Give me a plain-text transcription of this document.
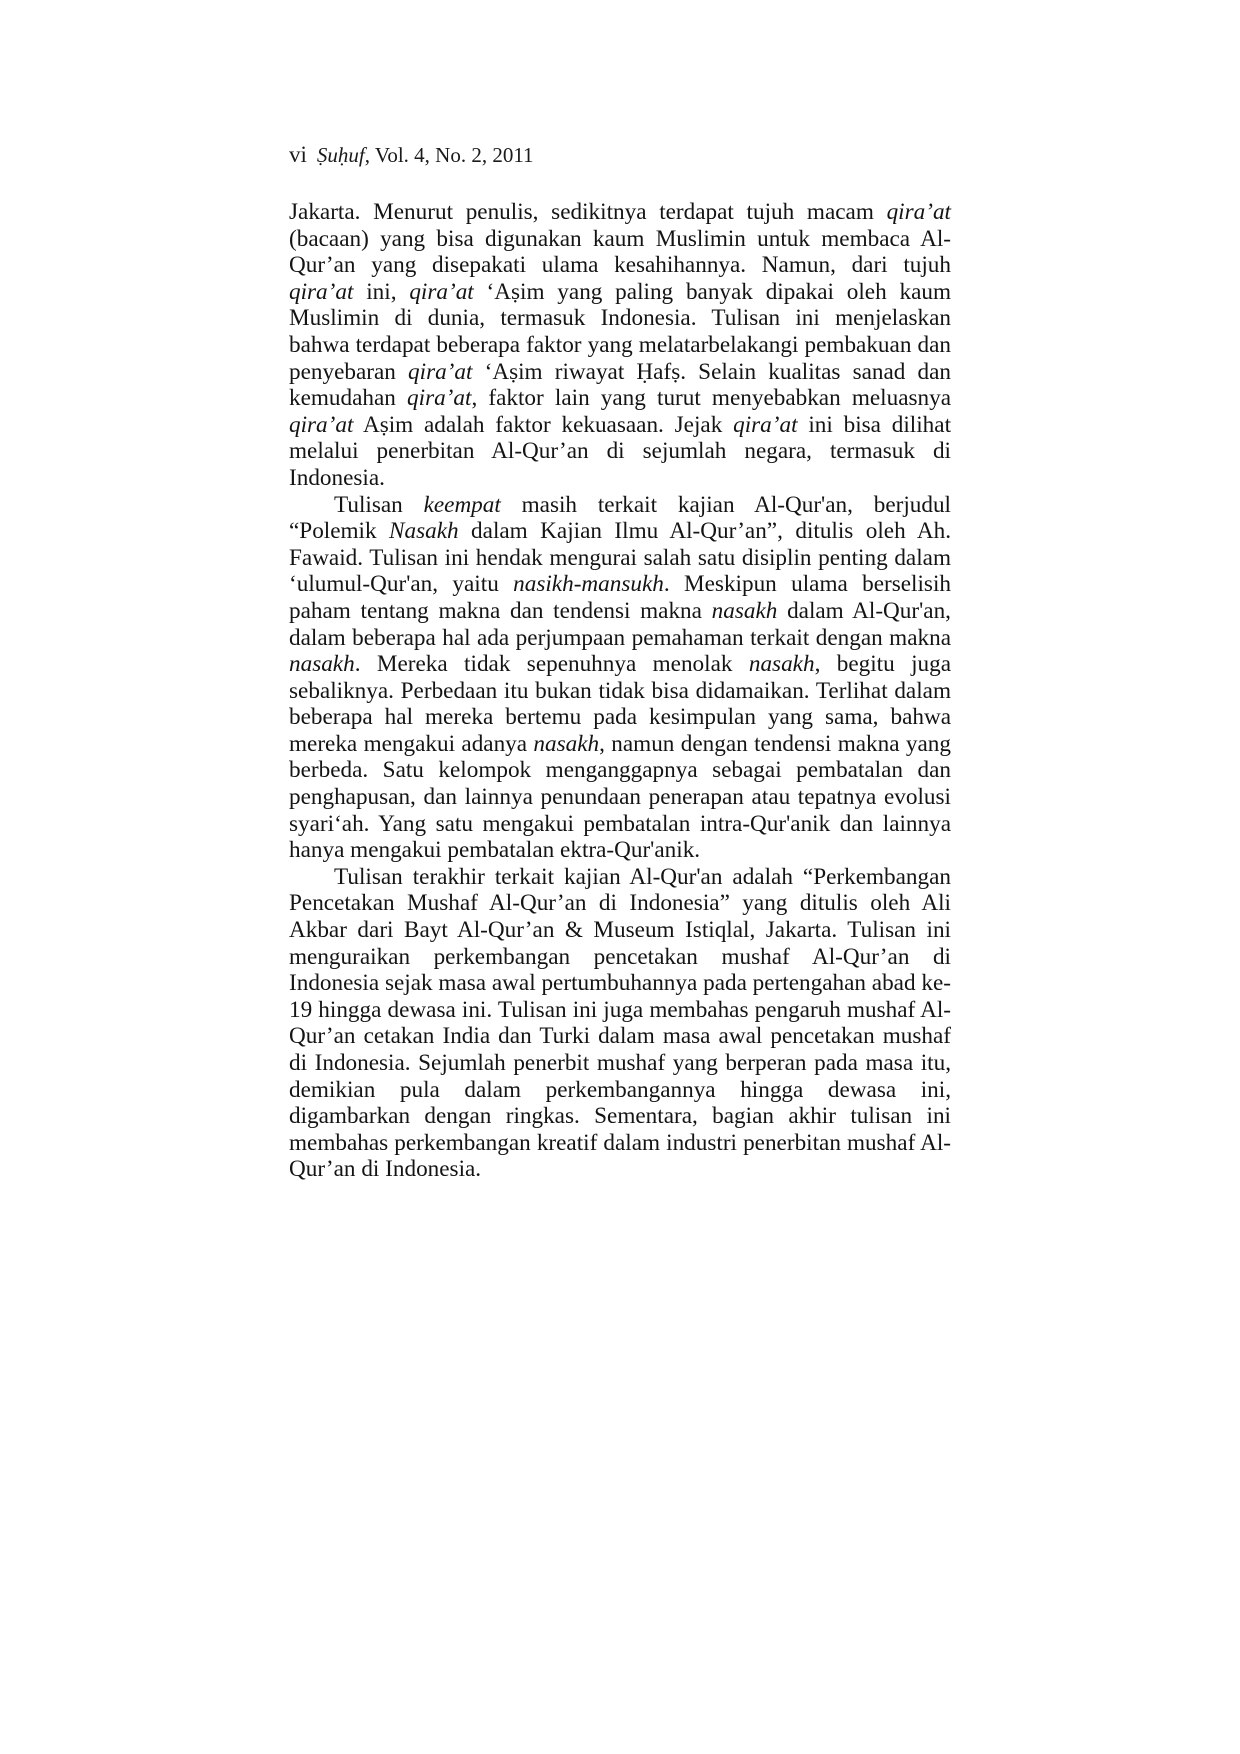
vi Ṣuḥuf, Vol. 4, No. 2, 2011

Jakarta. Menurut penulis, sedikitnya terdapat tujuh macam qira’at (bacaan) yang bisa digunakan kaum Muslimin untuk membaca Al-Qur’an yang disepakati ulama kesahihannya. Namun, dari tujuh qira’at ini, qira’at ‘Aṣim yang paling banyak dipakai oleh kaum Muslimin di dunia, termasuk Indonesia. Tulisan ini menjelaskan bahwa terdapat beberapa faktor yang melatarbelakangi pembakuan dan penyebaran qira’at ‘Aṣim riwayat Ḥafṣ. Selain kualitas sanad dan kemudahan qira’at, faktor lain yang turut menyebabkan meluasnya qira’at Aṣim adalah faktor kekuasaan. Jejak qira’at ini bisa dilihat melalui penerbitan Al-Qur’an di sejumlah negara, termasuk di Indonesia.

Tulisan keempat masih terkait kajian Al-Qur'an, berjudul “Polemik Nasakh dalam Kajian Ilmu Al-Qur’an”, ditulis oleh Ah. Fawaid. Tulisan ini hendak mengurai salah satu disiplin penting dalam ‘ulumul-Qur'an, yaitu nasikh-mansukh. Meskipun ulama berselisih paham tentang makna dan tendensi makna nasakh dalam Al-Qur'an, dalam beberapa hal ada perjumpaan pemahaman terkait dengan makna nasakh. Mereka tidak sepenuhnya menolak nasakh, begitu juga sebaliknya. Perbedaan itu bukan tidak bisa didamaikan. Terlihat dalam beberapa hal mereka bertemu pada kesimpulan yang sama, bahwa mereka mengakui adanya nasakh, namun dengan tendensi makna yang berbeda. Satu kelompok menganggapnya sebagai pembatalan dan penghapusan, dan lainnya penundaan penerapan atau tepatnya evolusi syari‘ah. Yang satu mengakui pembatalan intra-Qur'anik dan lainnya hanya mengakui pembatalan ektra-Qur'anik.

Tulisan terakhir terkait kajian Al-Qur'an adalah “Perkembangan Pencetakan Mushaf Al-Qur’an di Indonesia” yang ditulis oleh Ali Akbar dari Bayt Al-Qur’an & Museum Istiqlal, Jakarta. Tulisan ini menguraikan perkembangan pencetakan mushaf Al-Qur’an di Indonesia sejak masa awal pertumbuhannya pada pertengahan abad ke-19 hingga dewasa ini. Tulisan ini juga membahas pengaruh mushaf Al-Qur’an cetakan India dan Turki dalam masa awal pencetakan mushaf di Indonesia. Sejumlah penerbit mushaf yang berperan pada masa itu, demikian pula dalam perkembangannya hingga dewasa ini, digambarkan dengan ringkas. Sementara, bagian akhir tulisan ini membahas perkembangan kreatif dalam industri penerbitan mushaf Al-Qur’an di Indonesia.
